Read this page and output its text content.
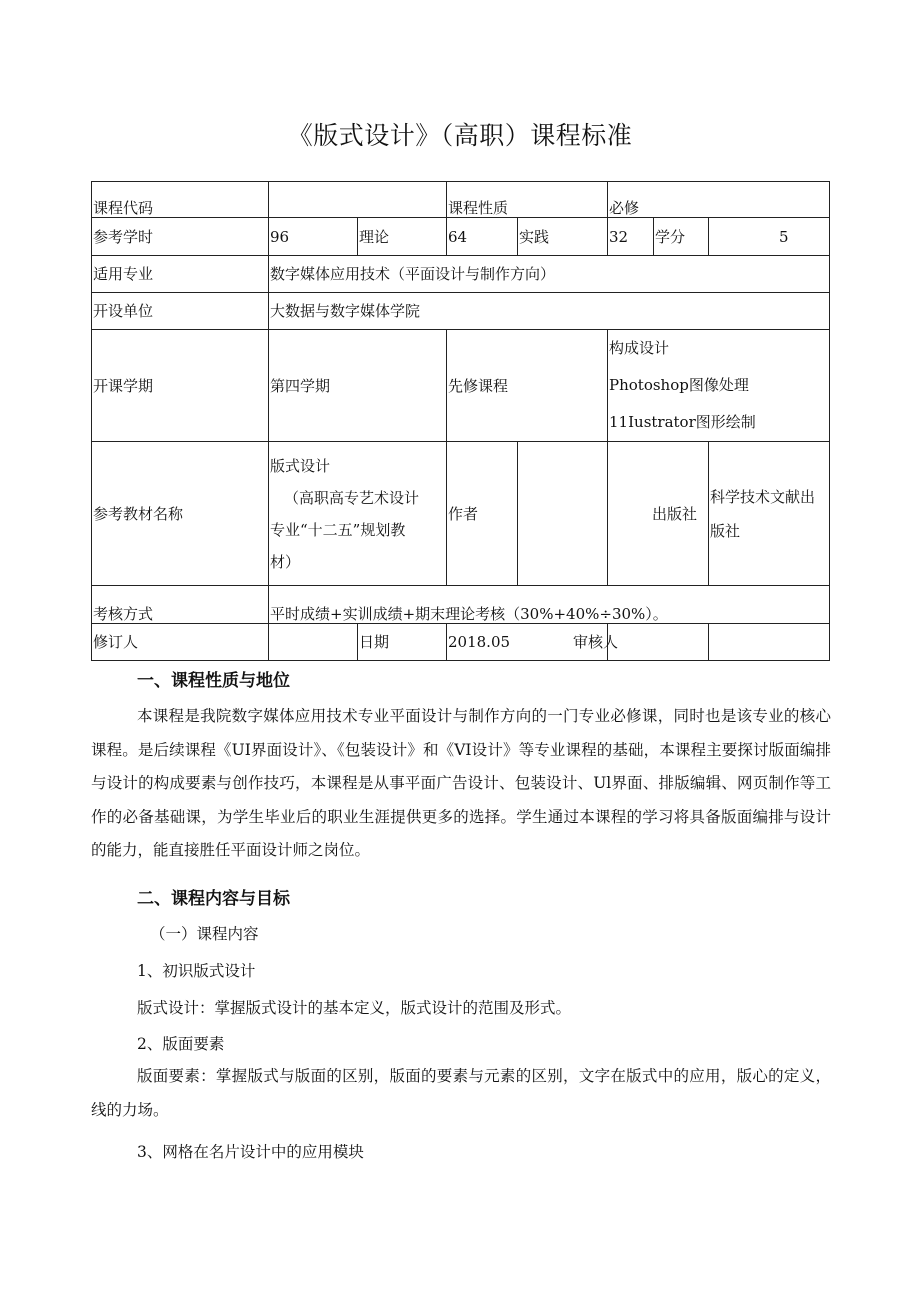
《版式设计》（高职）课程标准
课程代码		课程性质	必修
参考学时	96	理论	64	实践	32	学分	5
适用专业	数字媒体应用技术（平面设计与制作方向）
开设单位	大数据与数字媒体学院
开课学期	第四学期	先修课程	构成设计
Photoshop图像处理
11Iustrator图形绘制

参考教材名称	版式设计
（高职高专艺术设计
专业“十二五”规划教
材）	作者		出版社	科学技术文献出版社
考核方式	平时成绩+实训成绩+期末理论考核（30%+40%÷30%）。
修订人		日期	2018.05	审核人	
一、课程性质与地位

本课程是我院数字媒体应用技术专业平面设计与制作方向的一门专业必修课，同时也是该专业的核心课程。是后续课程《UI界面设计》、《包装设计》和《VI设计》等专业课程的基础，本课程主要探讨版面编排与设计的构成要素与创作技巧，本课程是从事平面广告设计、包装设计、Ul界面、排版编辑、网页制作等工作的必备基础课，为学生毕业后的职业生涯提供更多的选择。学生通过本课程的学习将具备版面编排与设计的能力，能直接胜任平面设计师之岗位。

二、课程内容与目标

（一）课程内容

1、初识版式设计

版式设计：掌握版式设计的基本定义，版式设计的范围及形式。

2、版面要素

版面要素：掌握版式与版面的区别，版面的要素与元素的区别，文字在版式中的应用，版心的定义，线的力场。

3、网格在名片设计中的应用模块
